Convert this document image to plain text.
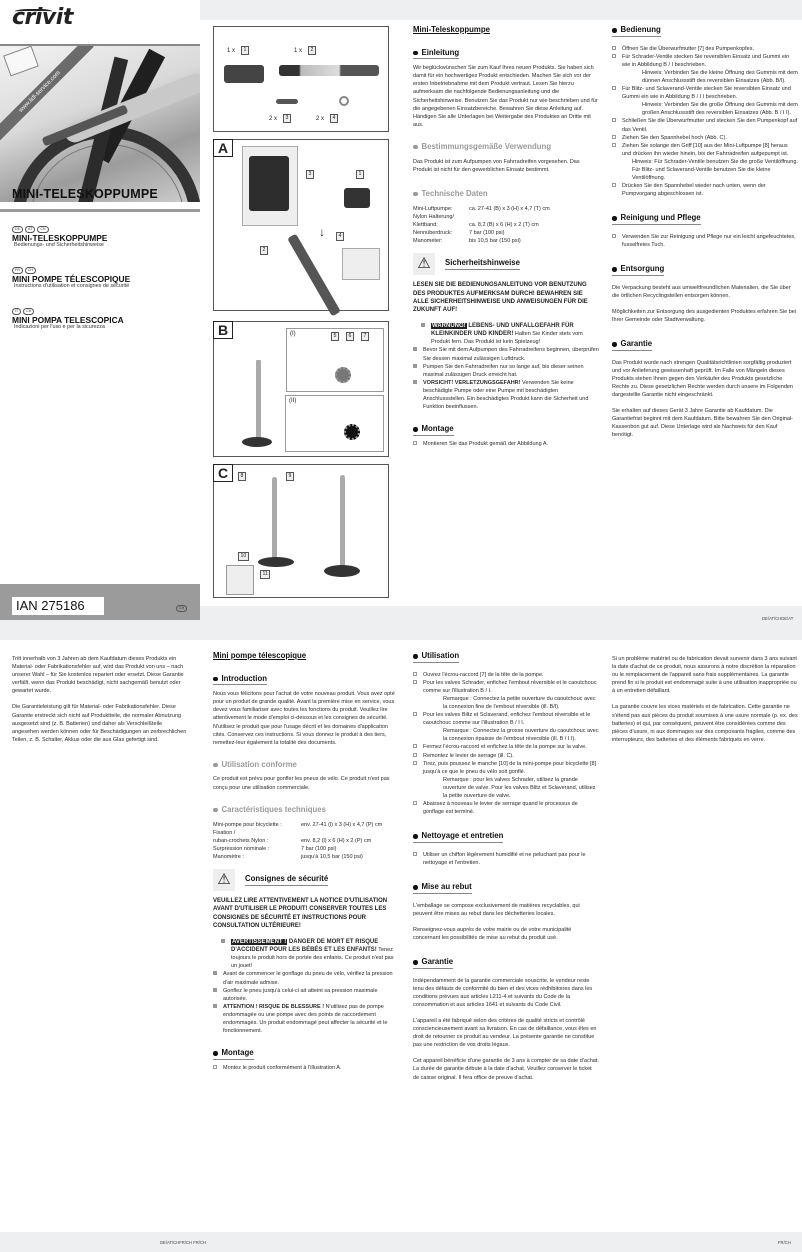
crivit
www.lidl-service.com
MINI-TELESKOPPUMPE
DE	AT	CH
MINI-TELESKOPPUMPE
Bedienungs- und Sicherheitshinweise
FR	CH
MINI POMPE TÉLESCOPIQUE
Instructions d'utilisation et consignes de sécurité
IT	CH
MINI POMPA TELESCOPICA
Indicazioni per l'uso e per la sicurezza
IAN 275186	CH
1 x	1	1 x	2
2 x	3	2 x	4
A
3	1
4
↓
2
B	(I)	5	6	7
(II)
C	8	9
10
11
Mini-Teleskoppumpe
Einleitung

Wir beglückwünschen Sie zum Kauf Ihres neuen Produkts. Sie haben sich damit für ein hochwertiges Produkt entschieden. Machen Sie sich vor der ersten Inbetriebnahme mit dem Produkt vertraut. Lesen Sie hierzu aufmerksam die nachfolgende Bedienungsanleitung und die Sicherheitshinweise. Benutzen Sie das Produkt nur wie beschrieben und für die angegebenen Einsatzbereiche. Bewahren Sie diese Anleitung auf. Händigen Sie alle Unterlagen bei Weitergabe des Produktes an Dritte mit aus.

Bestimmungsgemäße Verwendung

Das Produkt ist zum Aufpumpen von Fahrradreifen vorgesehen. Das Produkt ist nicht für den gewerblichen Einsatz bestimmt.

Technische Daten
Mini-Luftpumpe:	ca. 27-41 (B) x 3 (H) x 4,7 (T) cm
Nylon Halterung/
Klettband:	ca. 8,2 (B) x 6 (H) x 2 (T) cm
Nennüberdruck:	7 bar (100 psi)
Manometer:	bis 10,5 bar (150 psi)
⚠	Sicherheitshinweise
LESEN SIE DIE BEDIENUNGSANLEITUNG VOR BENUTZUNG DES PRODUKTES AUFMERKSAM DURCH! BEWAHREN SIE ALLE SICHERHEITSHINWEISE UND ANWEISUNGEN FÜR DIE ZUKUNFT AUF!
WARNUNG! LEBENS- UND UNFALLGEFAHR FÜR KLEINKINDER UND KINDER! Halten Sie Kinder stets vom Produkt fern. Das Produkt ist kein Spielzeug!
Bevor Sie mit dem Aufpumpen des Fahrradreifens beginnen, überprüfen Sie dessen maximal zulässigen Luftdruck.
Pumpen Sie den Fahrradreifen nur so lange auf, bis dieser seinen maximal zulässigen Druck erreicht hat.
VORSICHT! VERLETZUNGSGEFAHR! Verwenden Sie keine beschädigte Pumpe oder eine Pumpe mit beschädigten Anschlussstellen. Ein beschädigtes Produkt kann die Sicherheit und Funktion beeinflussen.
Montage
Montieren Sie das Produkt gemäß der Abbildung A.
Bedienung
Öffnen Sie die Überwurfmutter [7] des Pumpenkopfes.
Für Schrader-Ventile stecken Sie reversiblen Einsatz und Gummi ein wie in Abbildung B / I beschrieben.
Hinweis: Verbinden Sie die kleine Öffnung des Gummis mit dem dünnen Anschlussstift des reversiblen Einsatzes (Abb. B/I).
Für Blitz- und Sclaverand-Ventile stecken Sie reversiblen Einsatz und Gummi ein wie in Abbildung B / I I beschrieben.
Hinweis: Verbinden Sie die große Öffnung des Gummis mit dem großen Anschlussstift des reversiblen Einsatzes (Abb. B / I I).
Schließen Sie die Überwurfmutter und stecken Sie den Pumpenkopf auf das Ventil.
Ziehen Sie den Spannhebel hoch (Abb. C).
Ziehen Sie solange den Griff [10] aus der Mini-Luftpumpe [8] heraus und drücken ihn wieder hinein, bis der Fahrradreifen aufgepumpt ist.
Hinweis: Für Schrader-Ventile benutzen Sie die große Ventilöffnung. Für Blitz- und Sclaverand-Ventile benutzen Sie die kleine Ventilöffnung.
Drücken Sie den Spannhebel wieder nach unten, wenn der Pumpvorgang abgeschlossen ist.
Reinigung und Pflege
Verwenden Sie zur Reinigung und Pflege nur ein leicht angefeuchtetes, fusselfreies Tuch.
Entsorgung

Die Verpackung besteht aus umweltfreundlichen Materialien, die Sie über die örtlichen Recyclingstellen entsorgen können.

Möglichkeiten zur Entsorgung des ausgedienten Produktes erfahren Sie bei Ihrer Gemeinde oder Stadtverwaltung.

Garantie

Das Produkt wurde nach strengen Qualitätsrichtlinien sorgfältig produziert und vor Anlieferung gewissenhaft geprüft. Im Falle von Mängeln dieses Produkts stehen Ihnen gegen den Verkäufer des Produkts gesetzliche Rechte zu. Diese gesetzlichen Rechte werden durch unsere im Folgenden dargestellte Garantie nicht eingeschränkt.

Sie erhalten auf dieses Gerät 3 Jahre Garantie ab Kaufdatum. Die Garantiefrist beginnt mit dem Kaufdatum. Bitte bewahren Sie den Original-Kassenbon gut auf. Diese Unterlage wird als Nachweis für den Kauf benötigt.

DE/AT/CHDE/AT

Tritt innerhalb von 3 Jahren ab dem Kaufdatum dieses Produkts ein Material- oder Fabrikationsfehler auf, wird das Produkt von uns – nach unserer Wahl – für Sie kostenlos repariert oder ersetzt. Diese Garantie verfällt, wenn das Produkt beschädigt, nicht sachgemäß benutzt oder gewartet wurde.

Die Garantieleistung gilt für Material- oder Fabrikationsfehler. Diese Garantie erstreckt sich nicht auf Produktteile, die normaler Abnutzung ausgesetzt sind (z. B. Batterien) und daher als Verschleißteile angesehen werden können oder für Beschädigungen an zerbrechlichen Teilen, z. B. Schalter, Akkus oder die aus Glas gefertigt sind.

Mini pompe télescopique
Introduction

Nous vous félicitons pour l'achat de votre nouveau produit. Vous avez opté pour un produit de grande qualité. Avant la première mise en service, vous devez vous familiariser avec toutes les fonctions du produit. Veuillez lire attentivement le mode d'emploi ci-dessous et les consignes de sécurité. N'utilisez le produit que pour l'usage décrit et les domaines d'application cités. Conservez ces instructions. Si vous donnez le produit à des tiers, remettez-leur également la totalité des documents.

Utilisation conforme

Ce produit est prévu pour gonfler les pneus de vélo. Ce produit n'est pas conçu pour une utilisation commerciale.

Caractéristiques techniques
Mini-pompe pour bicyclette :	env. 27-41 (l) x 3 (H) x 4,7 (P) cm
Fixation /
ruban-crochets Nylon :	env. 8,2 (l) x 6 (H) x 2 (P) cm
Surpression nominale :	7 bar (100 psi)
Manomètre :	jusqu'à 10,5 bar (150 psi)
⚠	Consignes de sécurité
VEUILLEZ LIRE ATTENTIVEMENT LA NOTICE D'UTILISATION AVANT D'UTILISER LE PRODUIT! CONSERVER TOUTES LES CONSIGNES DE SÉCURITÉ ET INSTRUCTIONS POUR CONSULTATION ULTÉRIEURE!
AVERTISSEMENT ! DANGER DE MORT ET RISQUE D'ACCIDENT POUR LES BÉBÉS ET LES ENFANTS! Tenez toujours le produit hors de portée des enfants. Ce produit n'est pas un jouet!
Avant de commencer le gonflage du pneu de vélo, vérifiez la pression d'air maximale admise.
Gonflez le pneu jusqu'à celui-ci ait atteint sa pression maximale autorisée.
ATTENTION ! RISQUE DE BLESSURE ! N'utilisez pas de pompe endommagée ou une pompe avec des points de raccordement endommagés. Un produit endommagé peut affecter la sécurité et le fonctionnement.
Montage
Montez le produit conformément à l'illustration A.
Utilisation
Ouvrez l'écrou-raccord [7] de la tête de la pompe.
Pour les valves Schrader, enfichez l'embout réversible et le caoutchouc comme sur l'illustration B / I.
Remarque : Connectez la petite ouverture du caoutchouc avec la connexion fine de l'embout réversible (ill. B/I).
Pour les valves Biltz et Sclaverand, enfichez l'embout réversible et le caoutchouc comme sur l'illustration B / I I.
Remarque : Connectez la grosse ouverture du caoutchouc avec la connexion épaisse de l'embout réversible (ill. B / I I).
Fermez l'écrou-raccord et enfichez la tête de la pompe sur la valve.
Remontez le levier de serrage (ill. C).
Tirez, puis poussez le manche [10] de la mini-pompe pour bicyclette [8] jusqu'à ce que le pneu du vélo soit gonflé.
Remarque : pour les valves Schrader, utilisez la grande ouverture de valve. Pour les valves Blitz et Sclaverand, utilisez la petite ouverture de valve.
Abaissez à nouveau le levier de serrage quand le processus de gonflage est terminé.
Nettoyage et entretien
Utiliser un chiffon légèrement humidifié et ne peluchant pas pour le nettoyage et l'entretien.
Mise au rebut

L'emballage se compose exclusivement de matières recyclables, qui peuvent être mises au rebut dans les déchetteries locales.

Renseignez-vous auprès de votre mairie ou de votre municipalité concernant les possibilités de mise au rebut du produit usé.

Garantie

Indépendamment de la garantie commerciale souscrite, le vendeur reste tenu des défauts de conformité du bien et des vices rédhibitoires dans les conditions prévues aux articles L211-4 et suivants du Code de la consommation et aux articles 1641 et suivants du Code Civil.

L'appareil a été fabriqué selon des critères de qualité stricts et contrôlé consciencieusement avant sa livraison. En cas de défaillance, vous êtes en droit de retourner ce produit au vendeur. La présente garantie ne constitue pas une restriction de vos droits légaux.

Cet appareil bénéficie d'une garantie de 3 ans à compter de sa date d'achat. La durée de garantie débute à la date d'achat. Veuillez conserver le ticket de caisse original. Il fera office de preuve d'achat.

Si un problème matériel ou de fabrication devait survenir dans 3 ans suivant la date d'achat de ce produit, nous assurons à notre discrétion la réparation ou le remplacement de l'appareil sans frais supplémentaires. La garantie prend fin si le produit est endommagé suite à une utilisation inappropriée ou à un entretien défaillant.

La garantie couvre les vices matériels et de fabrication. Cette garantie ne s'étend pas aux pièces du produit soumises à une usure normale (p. ex. des batteries) et qui, par conséquent, peuvent être considérées comme des pièces d'usure, ni aux dommages sur des composants fragiles, comme des interrupteurs, des batteries et des éléments fabriqués en verre.

DE/AT/CHFR/CH FR/CH	FR/CH
